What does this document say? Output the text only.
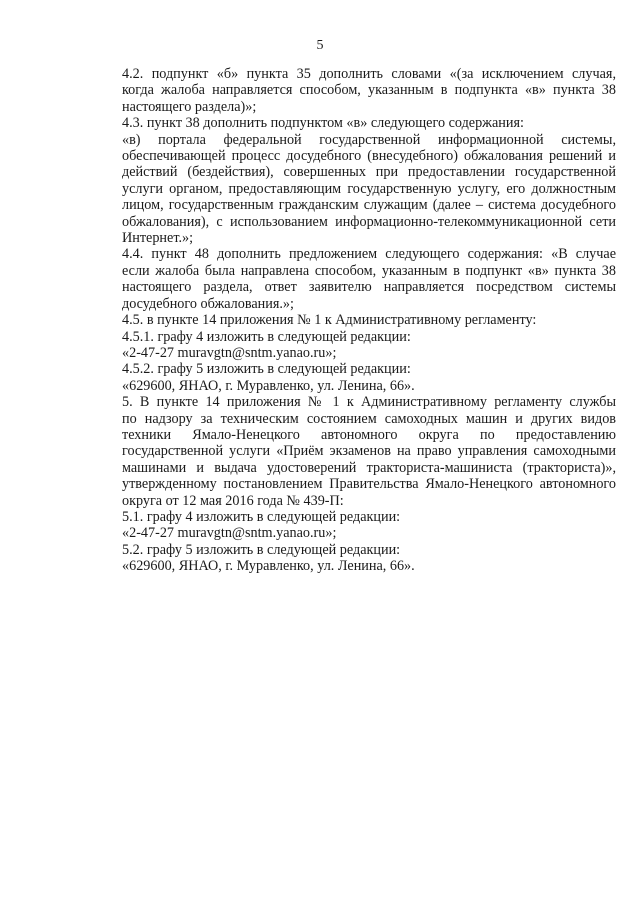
5
4.2. подпункт «б» пункта 35 дополнить словами «(за исключением случая,
когда жалоба направляется способом, указанным в подпункта «в» пункта 38
настоящего раздела)»;
4.3. пункт 38 дополнить подпунктом «в» следующего содержания:
«в) портала федеральной государственной информационной системы,
обеспечивающей процесс досудебного (внесудебного) обжалования решений и
действий (бездействия), совершенных при предоставлении государственной
услуги органом, предоставляющим государственную услугу, его должностным
лицом, государственным гражданским служащим (далее – система досудебного
обжалования), с использованием информационно-телекоммуникационной сети
Интернет.»;
4.4. пункт 48 дополнить предложением следующего содержания: «В случае
если жалоба была направлена способом, указанным в подпункт «в» пункта 38
настоящего раздела, ответ заявителю направляется посредством системы
досудебного обжалования.»;
4.5. в пункте 14 приложения № 1 к Административному регламенту:
4.5.1. графу 4 изложить в следующей редакции:
«2-47-27 muravgtn@sntm.yanao.ru»;
4.5.2. графу 5 изложить в следующей редакции:
«629600, ЯНАО, г. Муравленко, ул. Ленина, 66».
5. В пункте 14 приложения № 1 к Административному регламенту службы
по надзору за техническим состоянием самоходных машин и других видов
техники Ямало-Ненецкого автономного округа по предоставлению
государственной услуги «Приём экзаменов на право управления самоходными
машинами и выдача удостоверений тракториста-машиниста (тракториста)»,
утвержденному постановлением Правительства Ямало-Ненецкого автономного
округа от 12 мая 2016 года № 439-П:
5.1. графу 4 изложить в следующей редакции:
«2-47-27 muravgtn@sntm.yanao.ru»;
5.2. графу 5 изложить в следующей редакции:
«629600, ЯНАО, г. Муравленко, ул. Ленина, 66».
